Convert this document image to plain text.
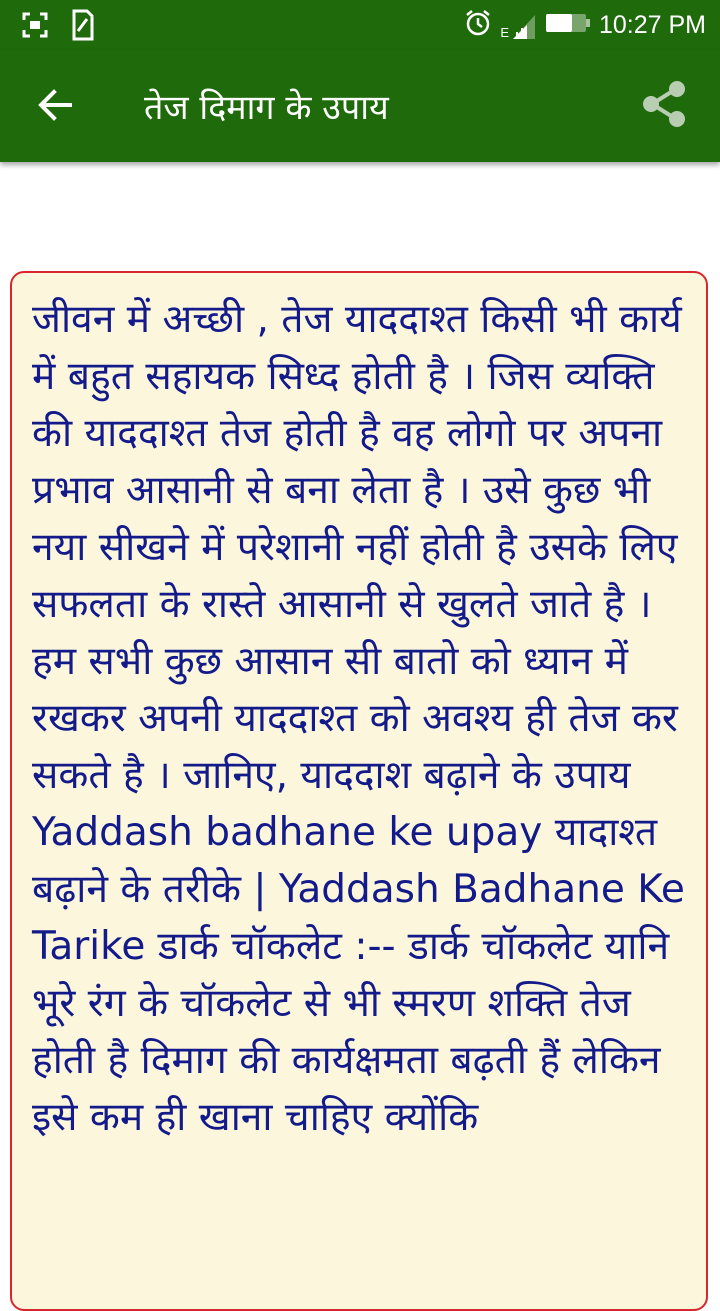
E	10:27 PM
तेज दिमाग के उपाय

जीवन में अच्छी , तेज याददाश्त किसी भी कार्य में बहुत सहायक सिध्द होती है । जिस व्यक्ति की याददाश्त तेज होती है वह लोगो पर अपना प्रभाव आसानी से बना लेता है । उसे कुछ भी नया सीखने में परेशानी नहीं होती है उसके लिए सफलता के रास्ते आसानी से खुलते जाते है । हम सभी कुछ आसान सी बातो को ध्यान में रखकर अपनी याददाश्त को अवश्य ही तेज कर सकते है । जानिए, याददाश बढ़ाने के उपाय Yaddash badhane ke upay यादाश्त बढ़ाने के तरीके | Yaddash Badhane Ke Tarike डार्क चॉकलेट :-- डार्क चॉकलेट यानि भूरे रंग के चॉकलेट से भी स्मरण शक्ति तेज होती है दिमाग की कार्यक्षमता बढ़ती हैं लेकिन इसे कम ही खाना चाहिए क्योंकि
